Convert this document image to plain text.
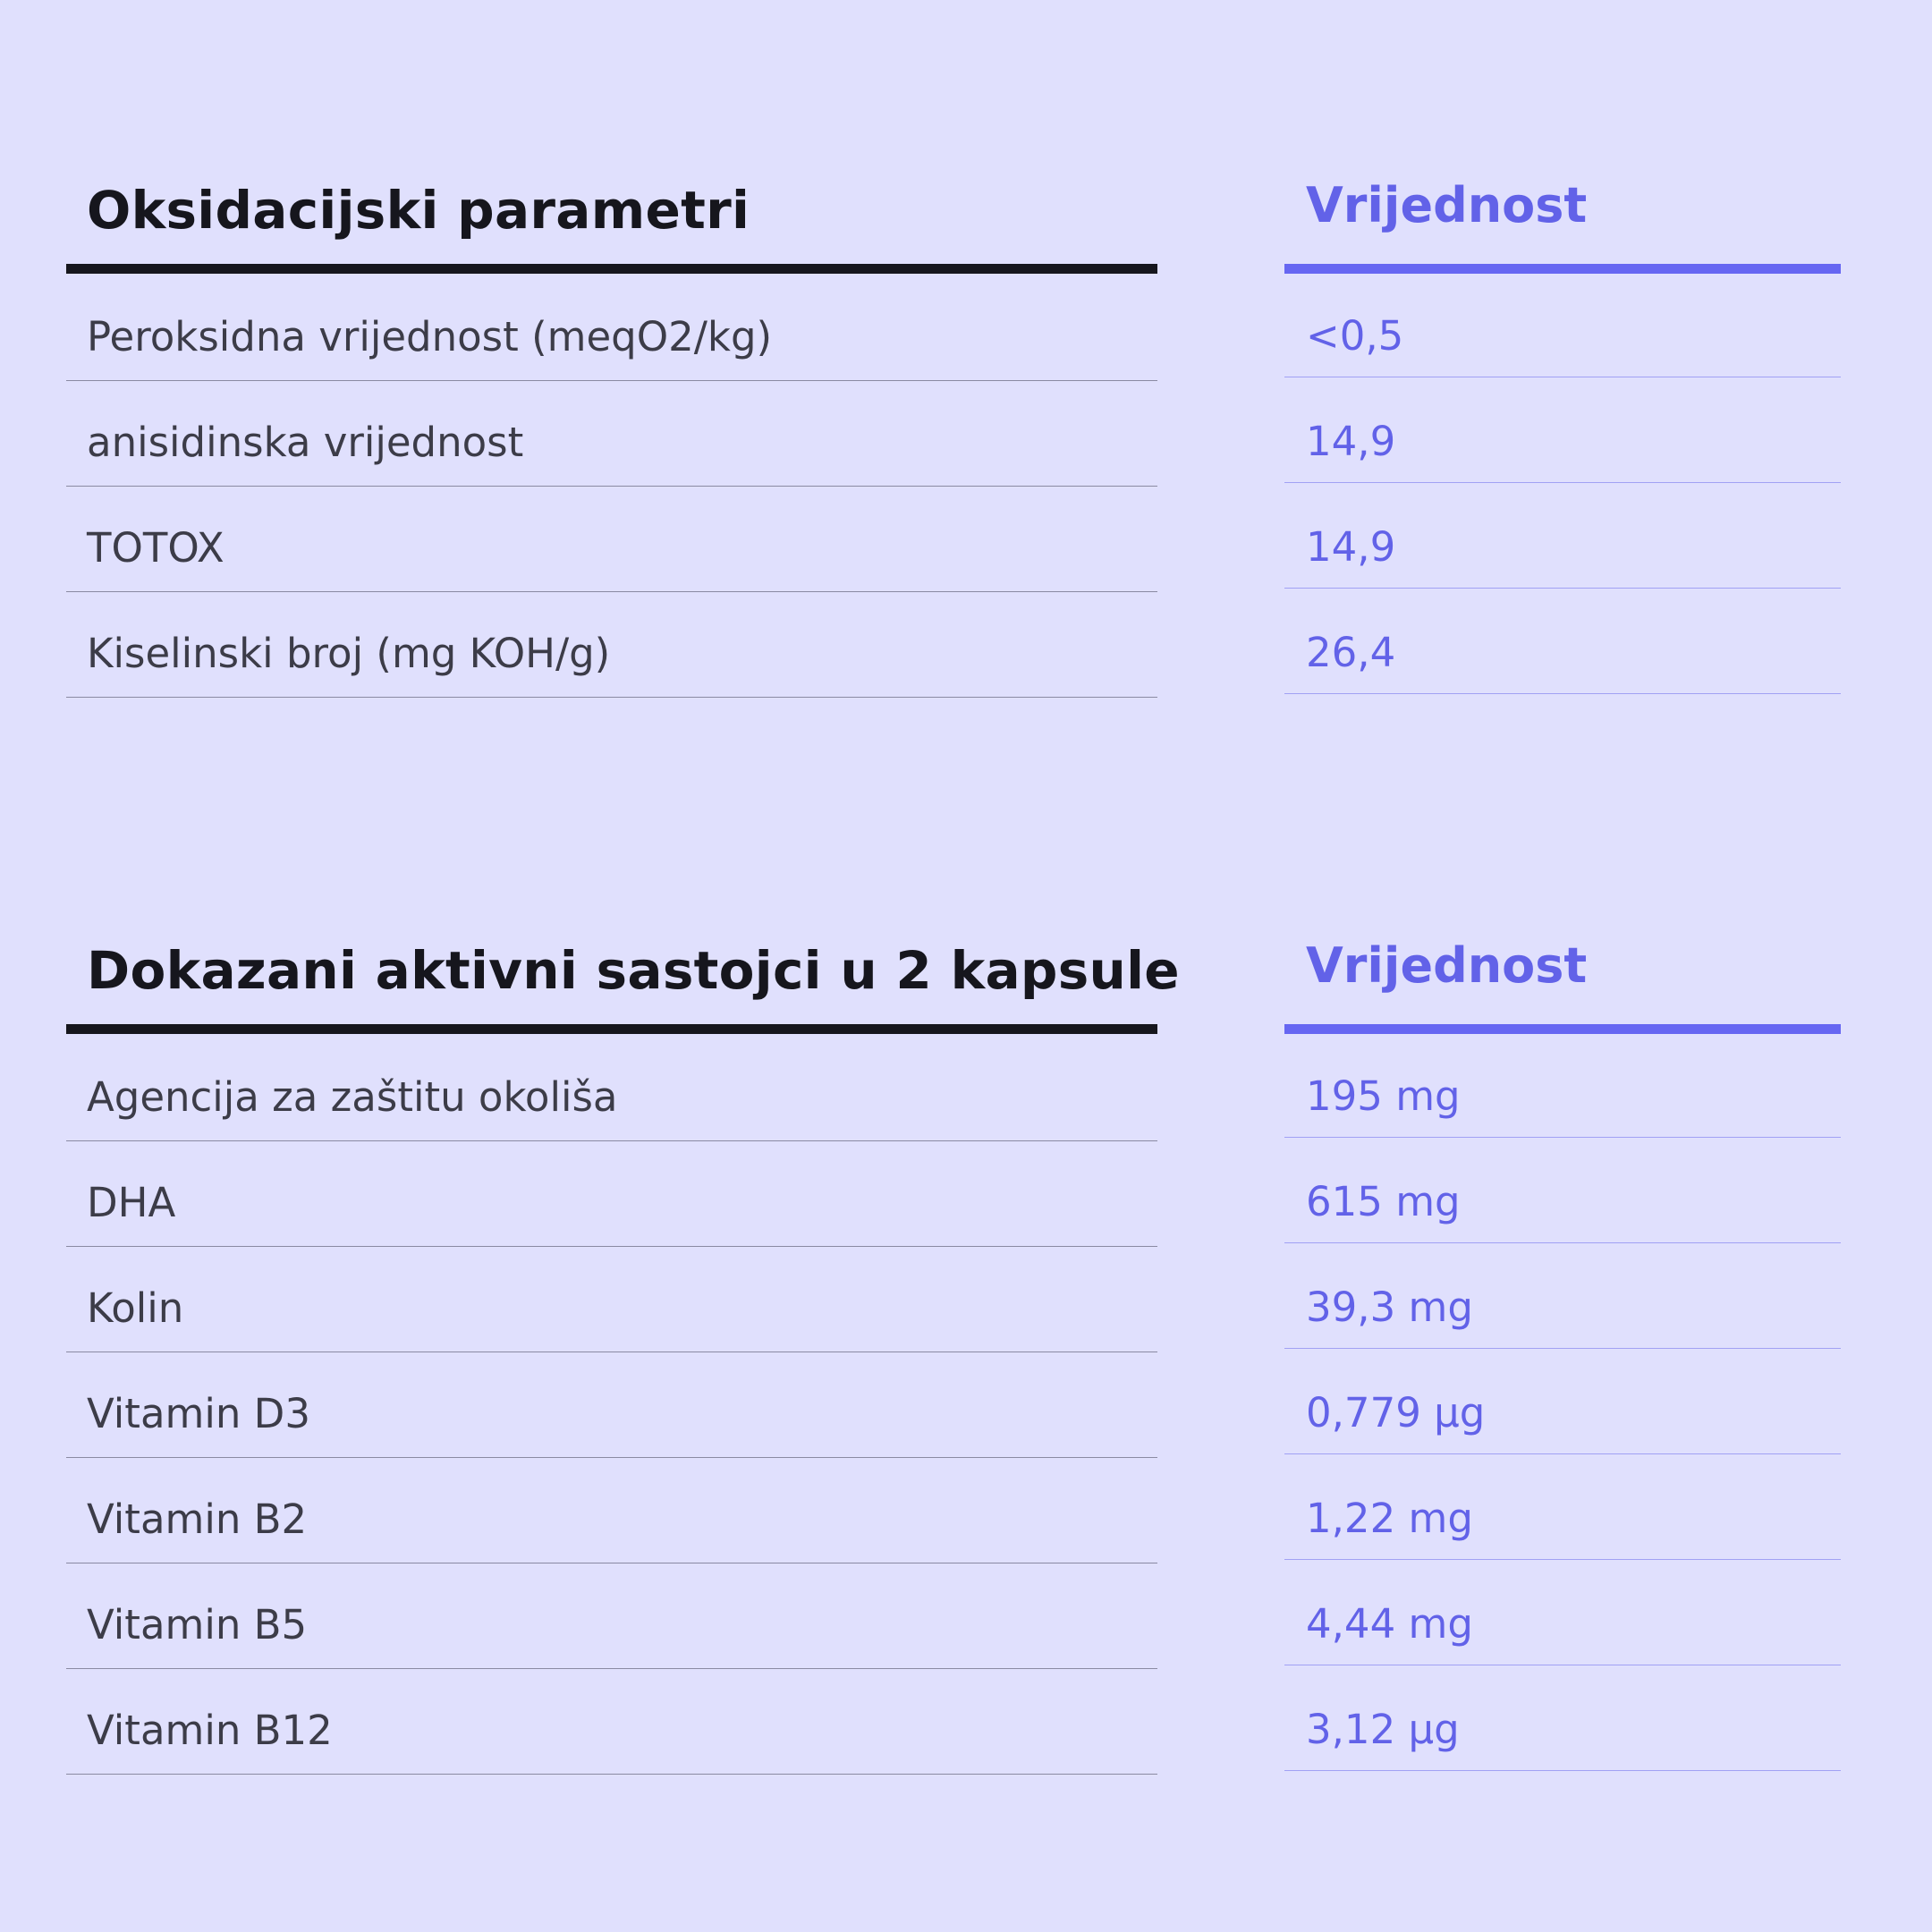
Oksidacijski parametri	Vrijednost
Peroksidna vrijednost (meqO2/kg)	<0,5
anisidinska vrijednost	14,9
TOTOX	14,9
Kiselinski broj (mg KOH/g)	26,4
Dokazani aktivni sastojci u 2 kapsule	Vrijednost
Agencija za zaštitu okoliša	195 mg
DHA	615 mg
Kolin	39,3 mg
Vitamin D3	0,779 µg
Vitamin B2	1,22 mg
Vitamin B5	4,44 mg
Vitamin B12	3,12 µg
